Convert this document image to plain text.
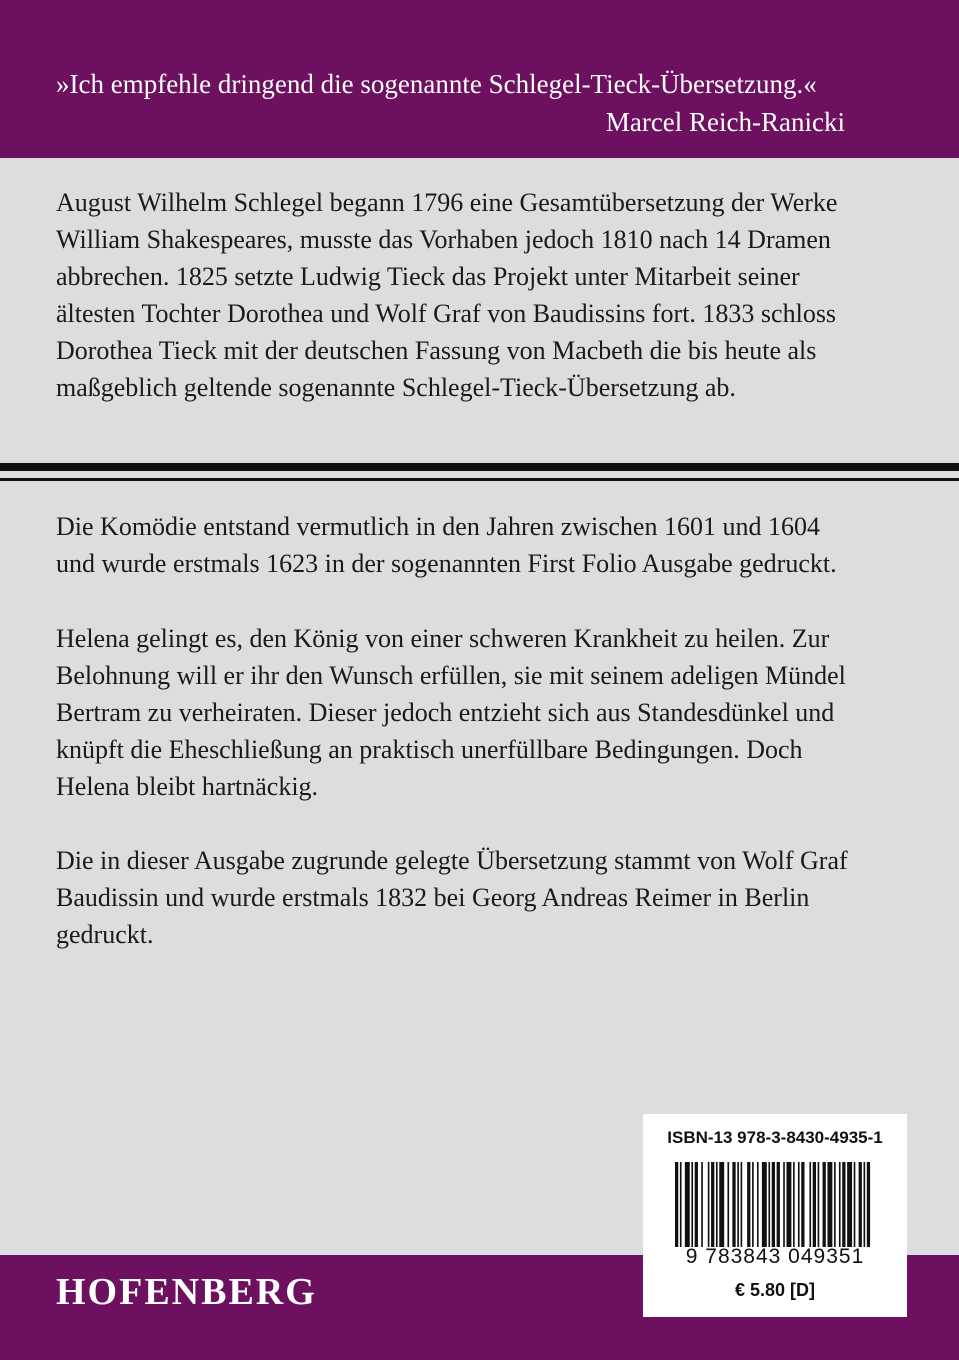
»Ich empfehle dringend die sogenannte Schlegel-Tieck-Übersetzung.«

Marcel Reich-Ranicki

August Wilhelm Schlegel begann 1796 eine Gesamtübersetzung der Werke
William Shakespeares, musste das Vorhaben jedoch 1810 nach 14 Dramen
abbrechen. 1825 setzte Ludwig Tieck das Projekt unter Mitarbeit seiner
ältesten Tochter Dorothea und Wolf Graf von Baudissins fort. 1833 schloss
Dorothea Tieck mit der deutschen Fassung von Macbeth die bis heute als
maßgeblich geltende sogenannte Schlegel-Tieck-Übersetzung ab.

Die Komödie entstand vermutlich in den Jahren zwischen 1601 und 1604
und wurde erstmals 1623 in der sogenannten First Folio Ausgabe gedruckt.

Helena gelingt es, den König von einer schweren Krankheit zu heilen. Zur
Belohnung will er ihr den Wunsch erfüllen, sie mit seinem adeligen Mündel
Bertram zu verheiraten. Dieser jedoch entzieht sich aus Standesdünkel und
knüpft die Eheschließung an praktisch unerfüllbare Bedingungen. Doch
Helena bleibt hartnäckig.

Die in dieser Ausgabe zugrunde gelegte Übersetzung stammt von Wolf Graf
Baudissin und wurde erstmals 1832 bei Georg Andreas Reimer in Berlin
gedruckt.

HOFENBERG

ISBN-13 978-3-8430-4935-1

9 783843 049351

€ 5.80 [D]
